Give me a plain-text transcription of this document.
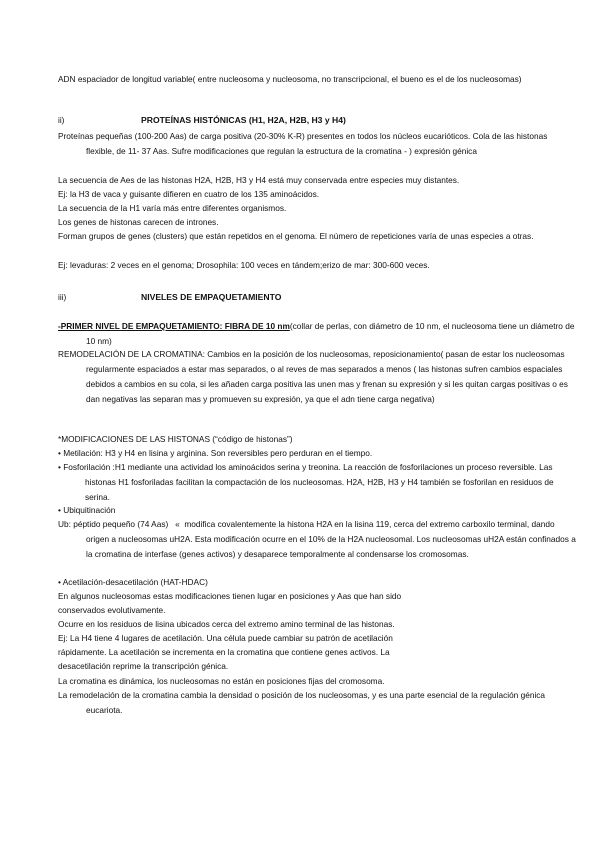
ADN espaciador de longitud variable( entre nucleosoma y nucleosoma, no transcripcional, el bueno es el de los nucleosomas)

ii)	PROTEÍNAS HISTÓNICAS (H1, H2A, H2B, H3 y H4)

Proteínas pequeñas (100-200 Aas) de carga positiva (20-30% K-R) presentes en todos los núcleos eucarióticos. Cola de las histonas flexible, de 11- 37 Aas. Sufre modificaciones que regulan la estructura de la cromatina - ) expresión génica

La secuencia de Aes de las histonas H2A, H2B, H3 y H4 está muy conservada entre especies muy distantes.

Ej: la H3 de vaca y guisante difieren en cuatro de los 135 aminoácidos.

La secuencia de la H1 varía más entre diferentes organismos.

Los genes de histonas carecen de intrones.

Forman grupos de genes (clusters) que están repetidos en el genoma. El número de repeticiones varía de unas especies a otras.

Ej: levaduras: 2 veces en el genoma; Drosophila: 100 veces en tándem;erizo de mar: 300-600 veces.

iii)	NIVELES DE EMPAQUETAMIENTO

-PRIMER NIVEL DE EMPAQUETAMIENTO: FIBRA DE 10 nm(collar de perlas, con diámetro de 10 nm, el nucleosoma tiene un diámetro de 10 nm)

REMODELACIÓN DE LA CROMATINA: Cambios en la posición de los nucleosomas, reposicionamiento( pasan de estar los nucleosomas regularmente espaciados a estar mas separados, o al reves de mas separados a menos ( las histonas sufren cambios espaciales debidos a cambios en su cola, si les añaden carga positiva las unen mas y frenan su expresión y si les quitan cargas positivas o es dan negativas las separan mas y promueven su expresión, ya que el adn tiene carga negativa)

*MODIFICACIONES DE LAS HISTONAS (“código de histonas”)

• Metilación: H3 y H4 en lisina y arginina. Son reversibles pero perduran en el tiempo.

• Fosforilación :H1 mediante una actividad los aminoácidos serina y treonina. La reacción de fosforilaciones un proceso reversible. Las histonas H1 fosforiladas facilitan la compactación de los nucleosomas. H2A, H2B, H3 y H4 también se fosforilan en residuos de serina.

• Ubiquitinación

Ub: péptido pequeño (74 Aas)   «  modifica covalentemente la histona H2A en la lisina 119, cerca del extremo carboxilo terminal, dando origen a nucleosomas uH2A. Esta modificación ocurre en el 10% de la H2A nucleosomal. Los nucleosomas uH2A están confinados a la cromatina de interfase (genes activos) y desaparece temporalmente al condensarse los cromosomas.

• Acetilación-desacetilación (HAT-HDAC)

En algunos nucleosomas estas modificaciones tienen lugar en posiciones y Aas que han sido

conservados evolutivamente.

Ocurre en los residuos de lisina ubicados cerca del extremo amino terminal de las histonas.

Ej: La H4 tiene 4 lugares de acetilación. Una célula puede cambiar su patrón de acetilación

rápidamente. La acetilación se incrementa en la cromatina que contiene genes activos. La

desacetilación reprime la transcripción génica.

La cromatina es dinámica, los nucleosomas no están en posiciones fijas del cromosoma.

La remodelación de la cromatina cambia la densidad o posición de los nucleosomas, y es una parte esencial de la regulación génica eucariota.
